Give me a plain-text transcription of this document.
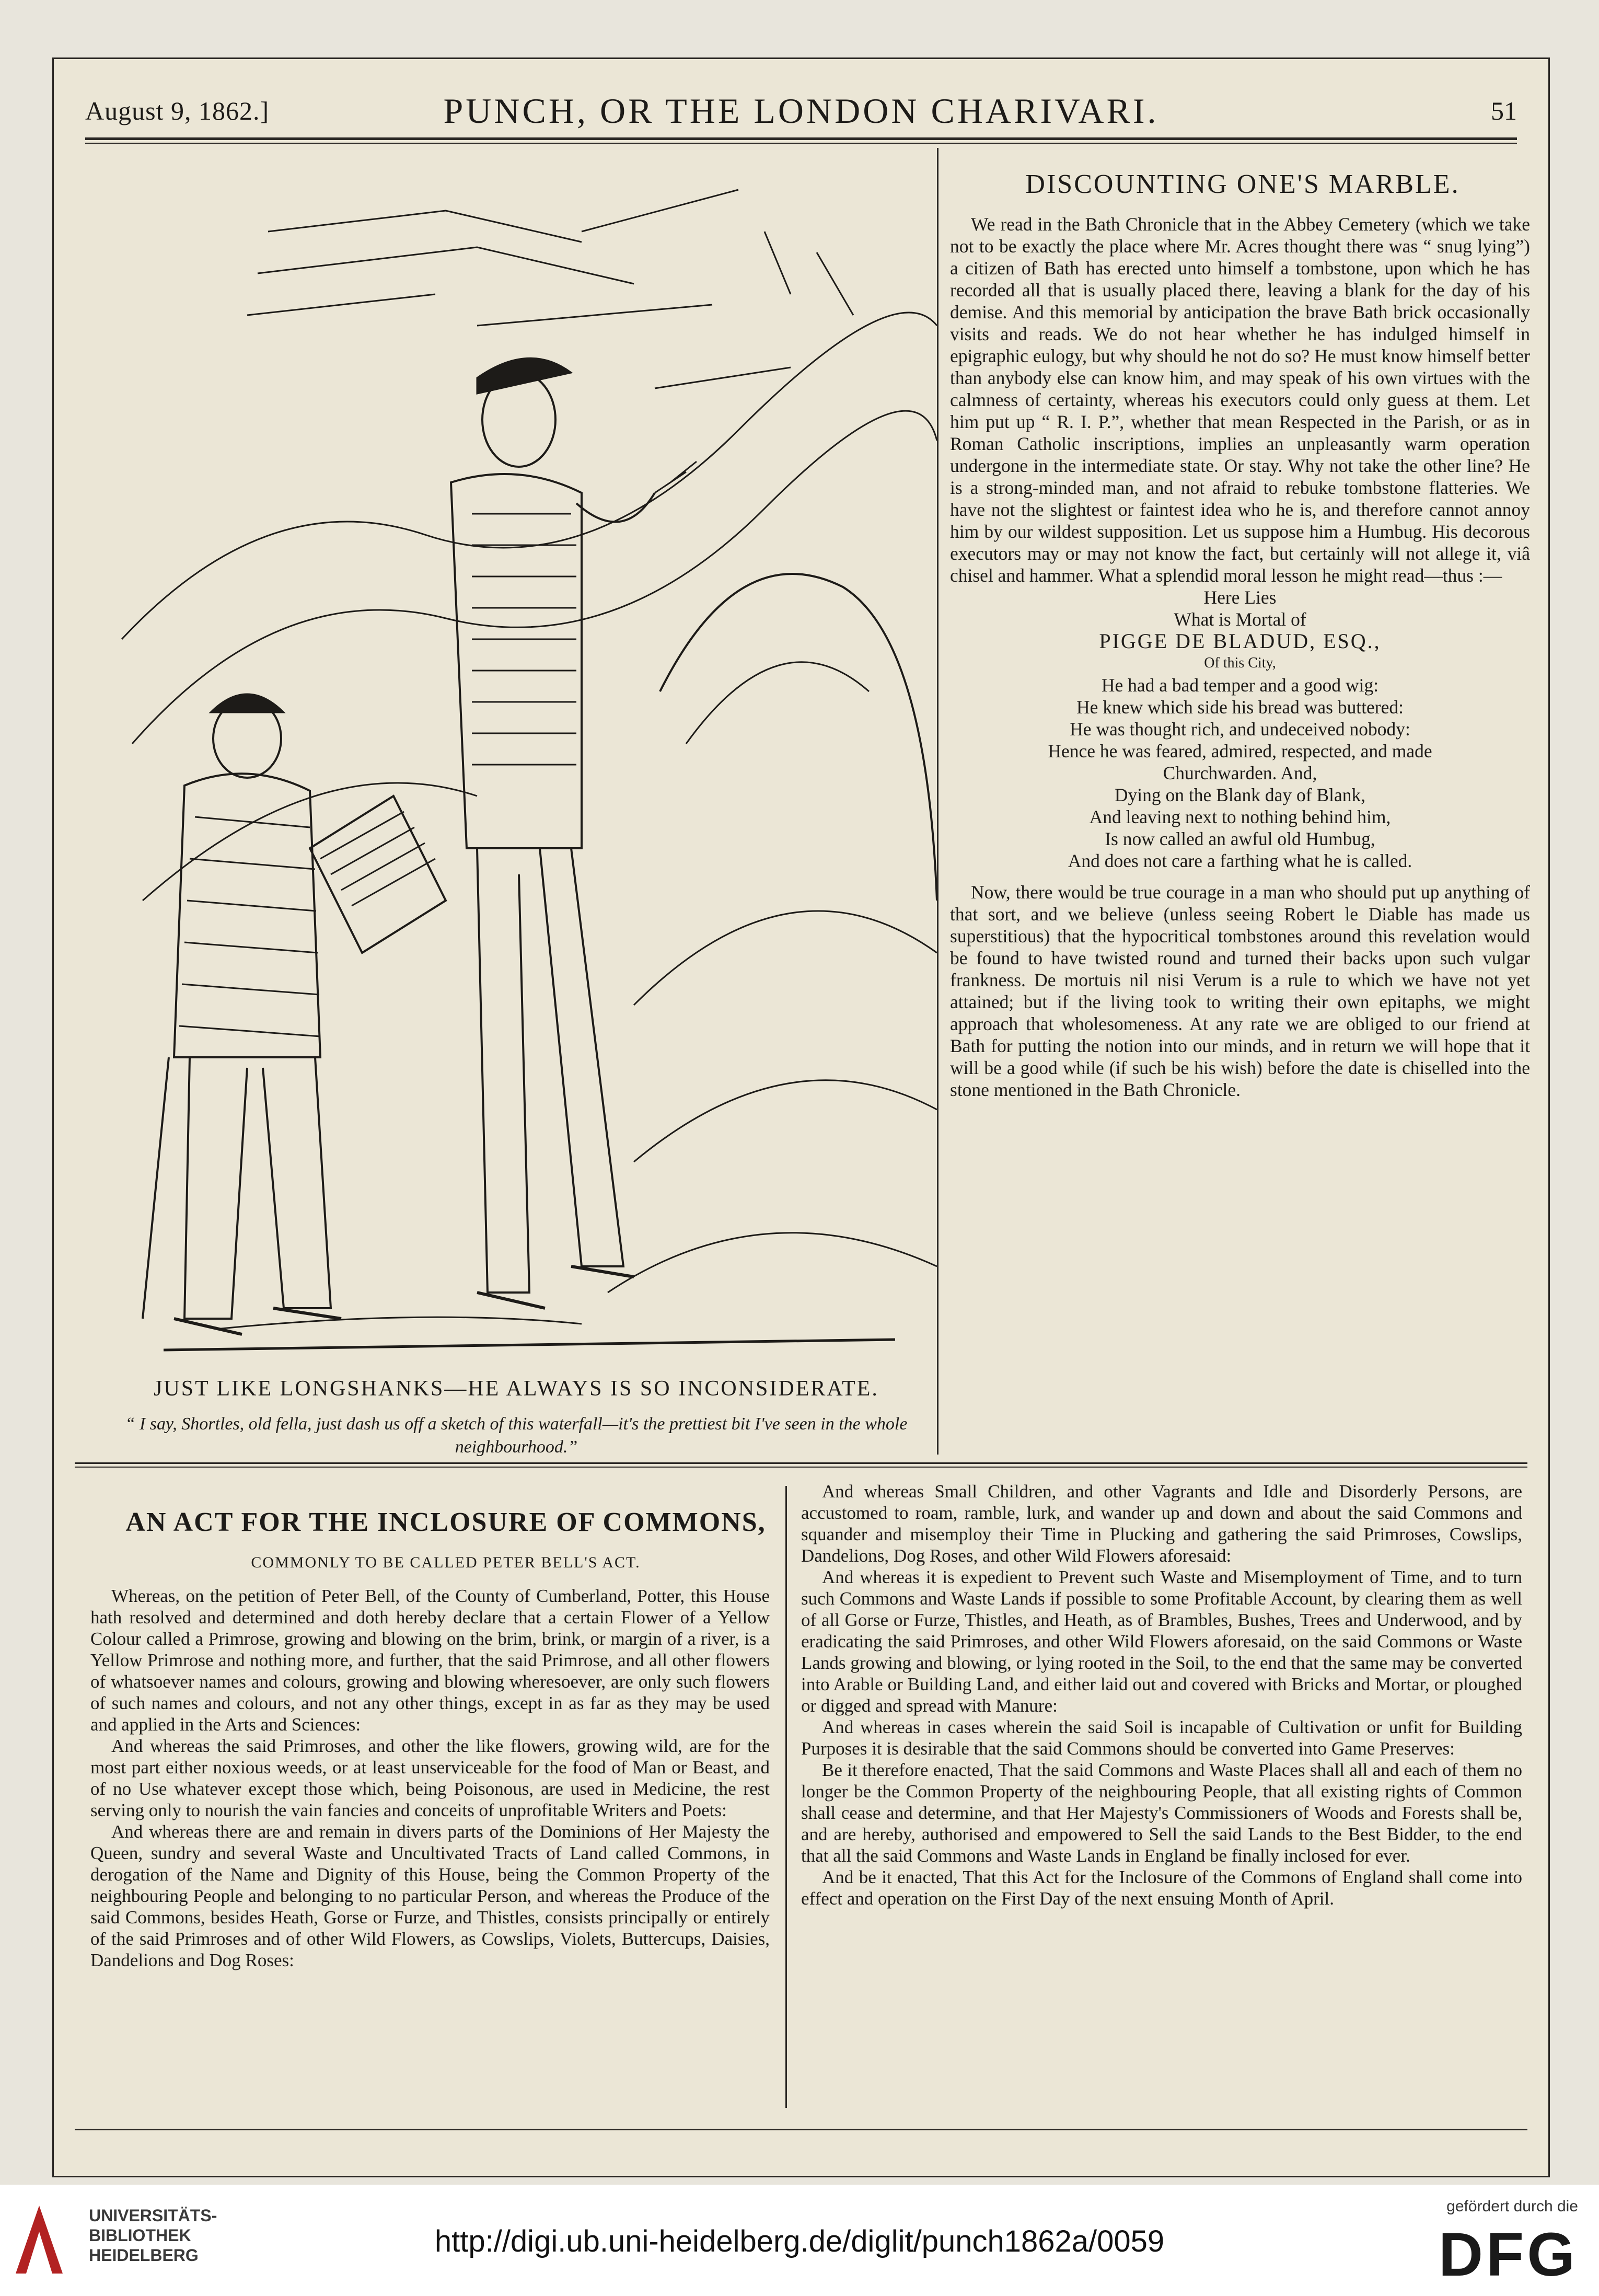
August 9, 1862.]	PUNCH, OR THE LONDON CHARIVARI.	51
JUST LIKE LONGSHANKS—HE ALWAYS IS SO INCONSIDERATE.
“ I say, Shortles, old fella, just dash us off a sketch of this waterfall—it's the prettiest bit I've seen in the whole neighbourhood.”
DISCOUNTING ONE'S MARBLE.

We read in the Bath Chronicle that in the Abbey Cemetery (which we take not to be exactly the place where Mr. Acres thought there was “ snug lying”) a citizen of Bath has erected unto himself a tombstone, upon which he has recorded all that is usually placed there, leaving a blank for the day of his demise. And this memorial by anticipation the brave Bath brick occasionally visits and reads. We do not hear whether he has indulged himself in epigraphic eulogy, but why should he not do so? He must know himself better than anybody else can know him, and may speak of his own virtues with the calmness of certainty, whereas his executors could only guess at them. Let him put up “ R. I. P.”, whether that mean Respected in the Parish, or as in Roman Catholic inscriptions, implies an unpleasantly warm operation undergone in the intermediate state. Or stay. Why not take the other line? He is a strong-minded man, and not afraid to rebuke tombstone flatteries. We have not the slightest or faintest idea who he is, and therefore cannot annoy him by our wildest supposition. Let us suppose him a Humbug. His decorous executors may or may not know the fact, but certainly will not allege it, viâ chisel and hammer. What a splendid moral lesson he might read—thus :—

Here Lies

What is Mortal of

PIGGE DE BLADUD, ESQ.,

Of this City,

He had a bad temper and a good wig:

He knew which side his bread was buttered:

He was thought rich, and undeceived nobody:

Hence he was feared, admired, respected, and made

Churchwarden. And,

Dying on the Blank day of Blank,

And leaving next to nothing behind him,

Is now called an awful old Humbug,

And does not care a farthing what he is called.

Now, there would be true courage in a man who should put up anything of that sort, and we believe (unless seeing Robert le Diable has made us superstitious) that the hypocritical tombstones around this revelation would be found to have twisted round and turned their backs upon such vulgar frankness. De mortuis nil nisi Verum is a rule to which we have not yet attained; but if the living took to writing their own epitaphs, we might approach that wholesomeness. At any rate we are obliged to our friend at Bath for putting the notion into our minds, and in return we will hope that it will be a good while (if such be his wish) before the date is chiselled into the stone mentioned in the Bath Chronicle.

AN ACT FOR THE INCLOSURE OF COMMONS,
COMMONLY TO BE CALLED PETER BELL'S ACT.

Whereas, on the petition of Peter Bell, of the County of Cumberland, Potter, this House hath resolved and determined and doth hereby declare that a certain Flower of a Yellow Colour called a Primrose, growing and blowing on the brim, brink, or margin of a river, is a Yellow Primrose and nothing more, and further, that the said Primrose, and all other flowers of whatsoever names and colours, growing and blowing wheresoever, are only such flowers of such names and colours, and not any other things, except in as far as they may be used and applied in the Arts and Sciences:

And whereas the said Primroses, and other the like flowers, growing wild, are for the most part either noxious weeds, or at least unserviceable for the food of Man or Beast, and of no Use whatever except those which, being Poisonous, are used in Medicine, the rest serving only to nourish the vain fancies and conceits of unprofitable Writers and Poets:

And whereas there are and remain in divers parts of the Dominions of Her Majesty the Queen, sundry and several Waste and Uncultivated Tracts of Land called Commons, in derogation of the Name and Dignity of this House, being the Common Property of the neighbouring People and belonging to no particular Person, and whereas the Produce of the said Commons, besides Heath, Gorse or Furze, and Thistles, consists principally or entirely of the said Primroses and of other Wild Flowers, as Cowslips, Violets, Buttercups, Daisies, Dandelions and Dog Roses:

And whereas Small Children, and other Vagrants and Idle and Disorderly Persons, are accustomed to roam, ramble, lurk, and wander up and down and about the said Commons and squander and misemploy their Time in Plucking and gathering the said Primroses, Cowslips, Dandelions, Dog Roses, and other Wild Flowers aforesaid:

And whereas it is expedient to Prevent such Waste and Misemployment of Time, and to turn such Commons and Waste Lands if possible to some Profitable Account, by clearing them as well of all Gorse or Furze, Thistles, and Heath, as of Brambles, Bushes, Trees and Underwood, and by eradicating the said Primroses, and other Wild Flowers aforesaid, on the said Commons or Waste Lands growing and blowing, or lying rooted in the Soil, to the end that the same may be converted into Arable or Building Land, and either laid out and covered with Bricks and Mortar, or ploughed or digged and spread with Manure:

And whereas in cases wherein the said Soil is incapable of Cultivation or unfit for Building Purposes it is desirable that the said Commons should be converted into Game Preserves:

Be it therefore enacted, That the said Commons and Waste Places shall all and each of them no longer be the Common Property of the neighbouring People, that all existing rights of Common shall cease and determine, and that Her Majesty's Commissioners of Woods and Forests shall be, and are hereby, authorised and empowered to Sell the said Lands to the Best Bidder, to the end that all the said Commons and Waste Lands in England be finally inclosed for ever.

And be it enacted, That this Act for the Inclosure of the Commons of England shall come into effect and operation on the First Day of the next ensuing Month of April.

UNIVERSITÄTS-
BIBLIOTHEK
HEIDELBERG	http://digi.ub.uni-heidelberg.de/diglit/punch1862a/0059
gefördert durch die
DFG
